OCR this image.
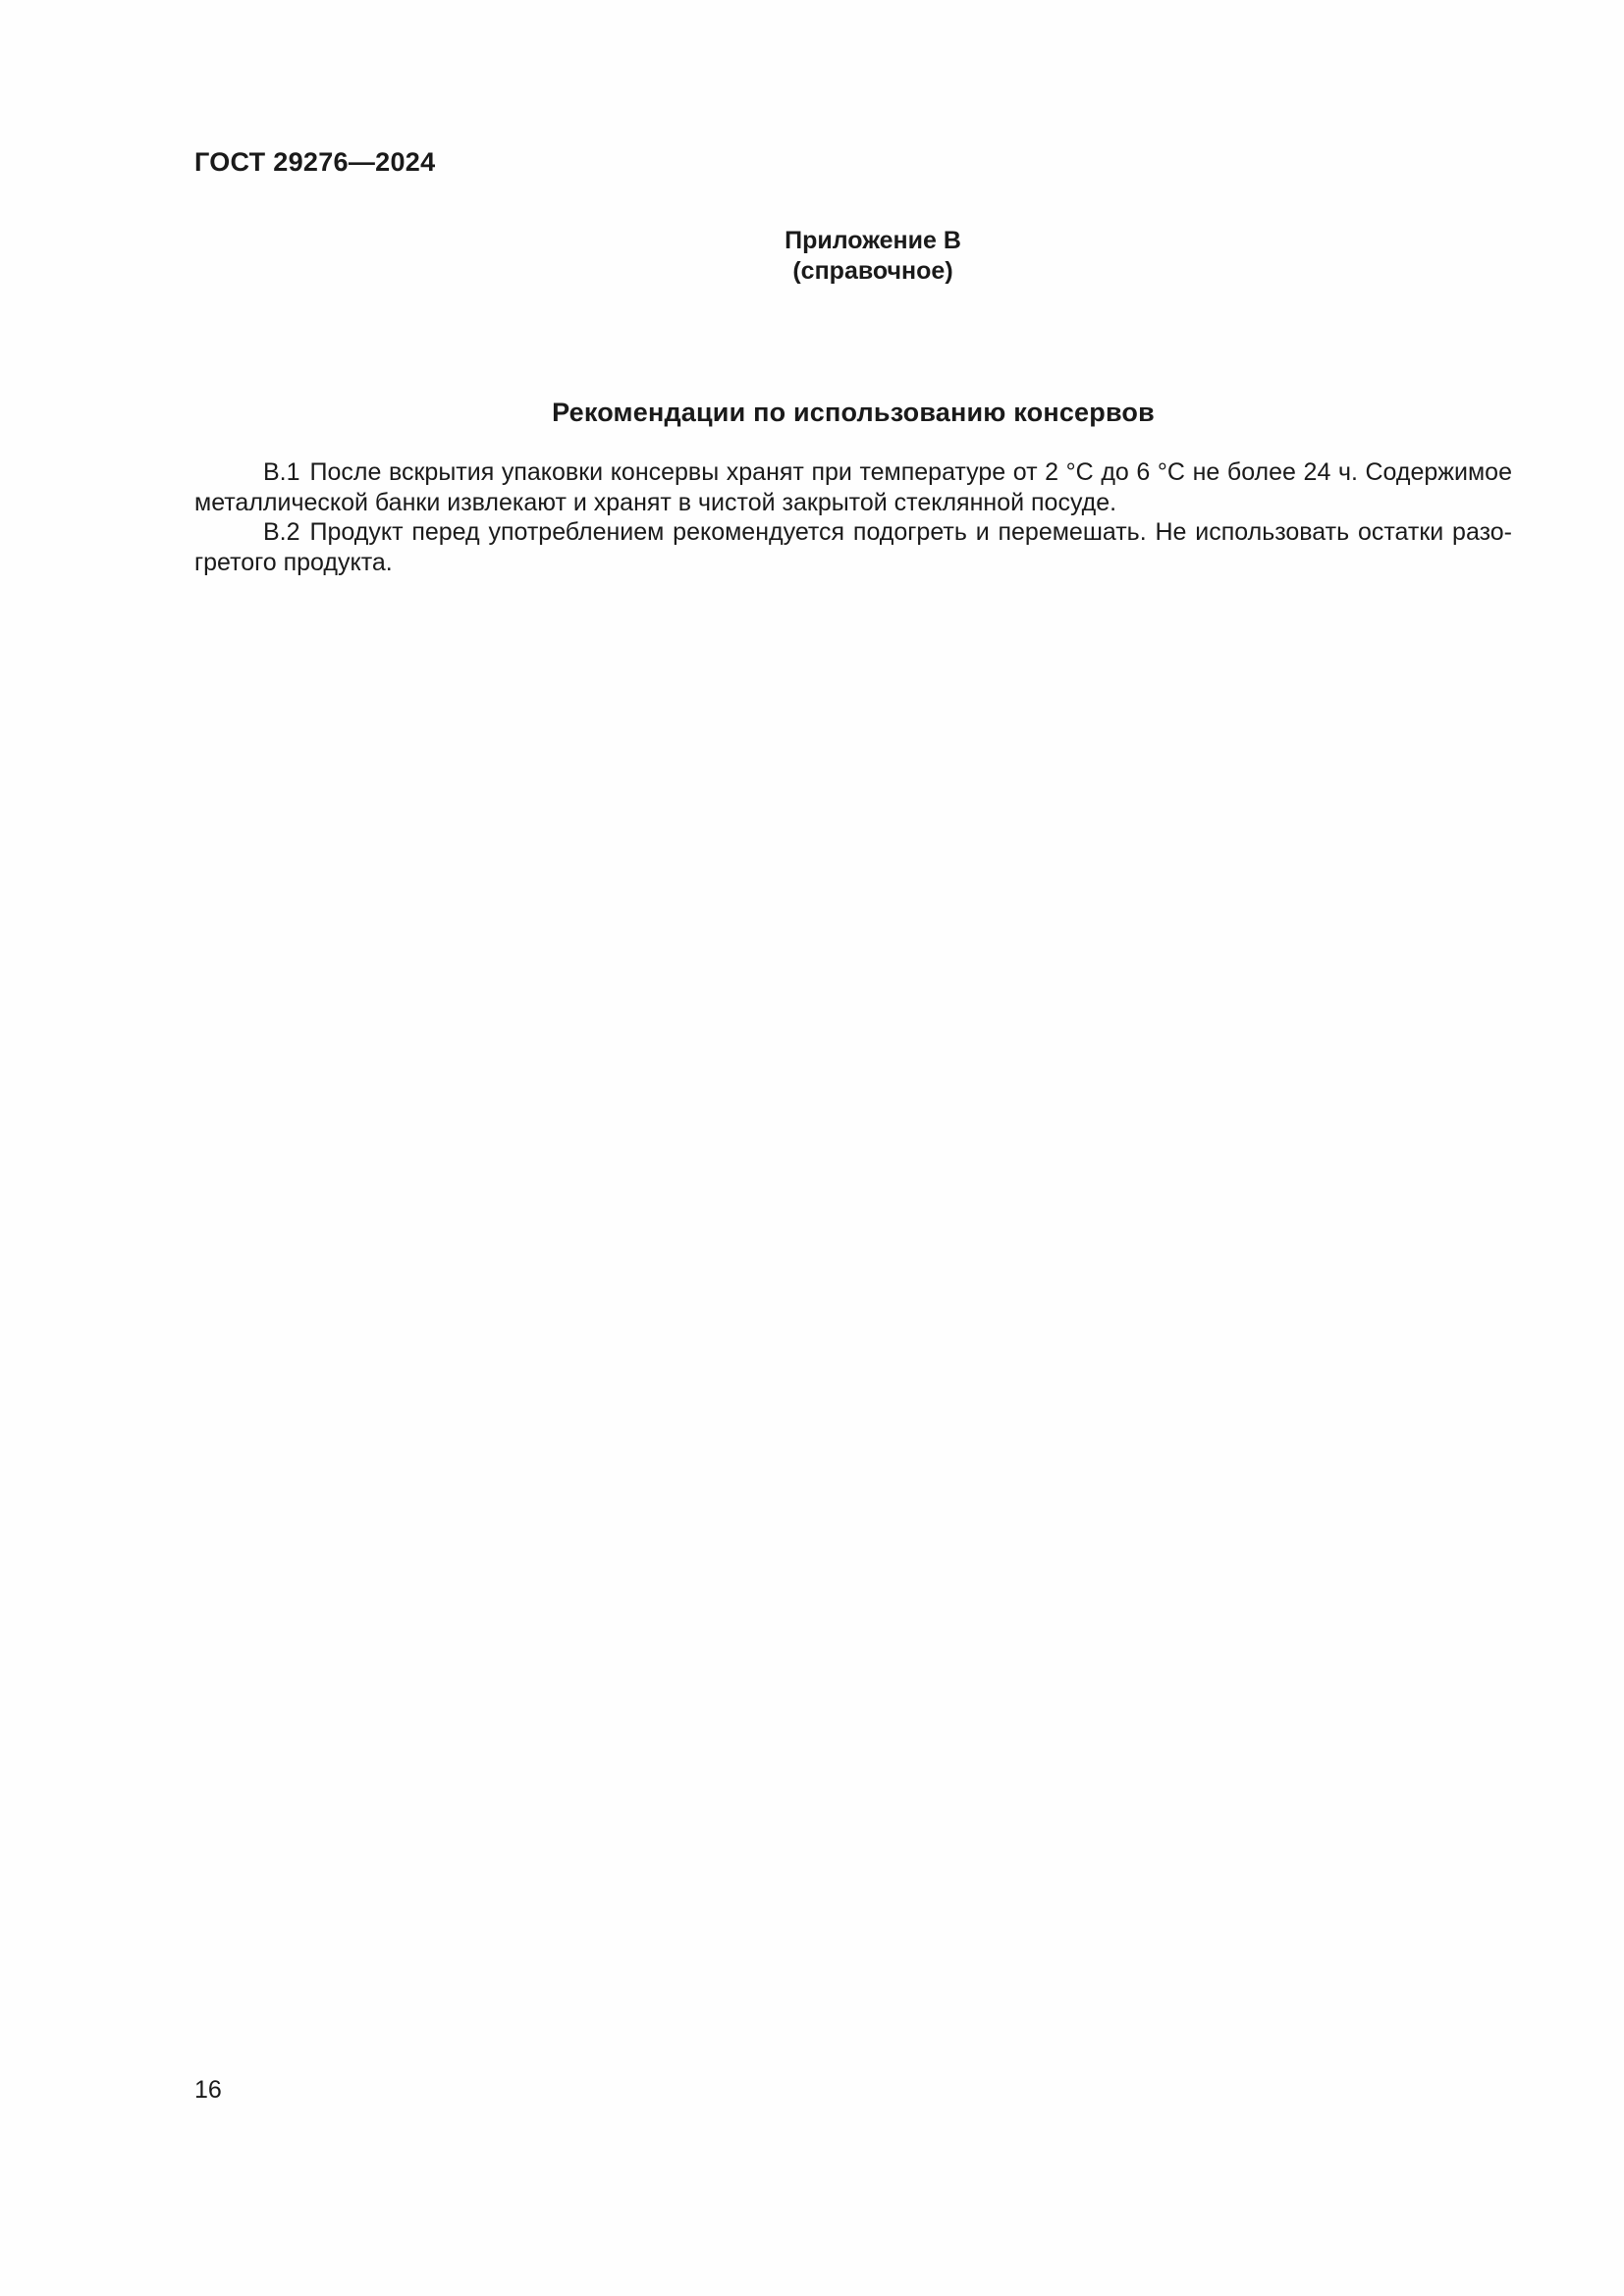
ГОСТ 29276—2024
Приложение В
(справочное)
Рекомендации по использованию консервов

В.1 После вскрытия упаковки консервы хранят при температуре от 2 °С до 6 °С не более 24 ч. Содержимое металлической банки извлекают и хранят в чистой закрытой стеклянной посуде.

В.2 Продукт перед употреблением рекомендуется подогреть и перемешать. Не использовать остатки разогретого продукта.

16
